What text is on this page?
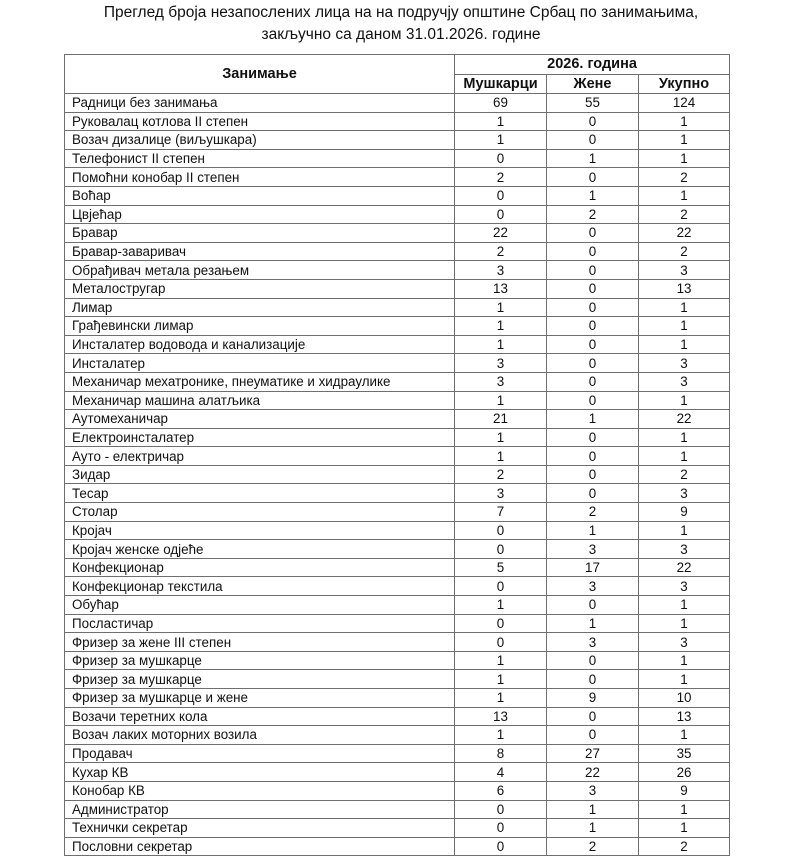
Преглед броја незапослених лица на на подручју општине Србац по занимањима,
закључно са даном 31.01.2026. године
Занимање	2026. година		
	Мушкарци	Жене	Укупно
Радници без занимања	69	55	124
Руковалац котлова II степен	1	0	1
Возач дизалице (виљушкара)	1	0	1
Телефонист II степен	0	1	1
Помоћни конобар II степен	2	0	2
Воћар	0	1	1
Цвјећар	0	2	2
Бравар	22	0	22
Бравар-заваривач	2	0	2
Обрађивач метала резањем	3	0	3
Металостругар	13	0	13
Лимар	1	0	1
Грађевински лимар	1	0	1
Инсталатер водовода и канализације	1	0	1
Инсталатер	3	0	3
Механичар мехатронике, пнеуматике и хидраулике	3	0	3
Механичар машина алатљика	1	0	1
Аутомеханичар	21	1	22
Електроинсталатер	1	0	1
Ауто - електричар	1	0	1
Зидар	2	0	2
Тесар	3	0	3
Столар	7	2	9
Кројач	0	1	1
Кројач женске одјеће	0	3	3
Конфекционар	5	17	22
Конфекционар текстила	0	3	3
Обућар	1	0	1
Посластичар	0	1	1
Фризер за жене III степен	0	3	3
Фризер за мушкарце	1	0	1
Фризер за мушкарце	1	0	1
Фризер за мушкарце и жене	1	9	10
Возачи теретних кола	13	0	13
Возач лаких моторних возила	1	0	1
Продавач	8	27	35
Кухар КВ	4	22	26
Конобар КВ	6	3	9
Администратор	0	1	1
Технички секретар	0	1	1
Пословни секретар	0	2	2
